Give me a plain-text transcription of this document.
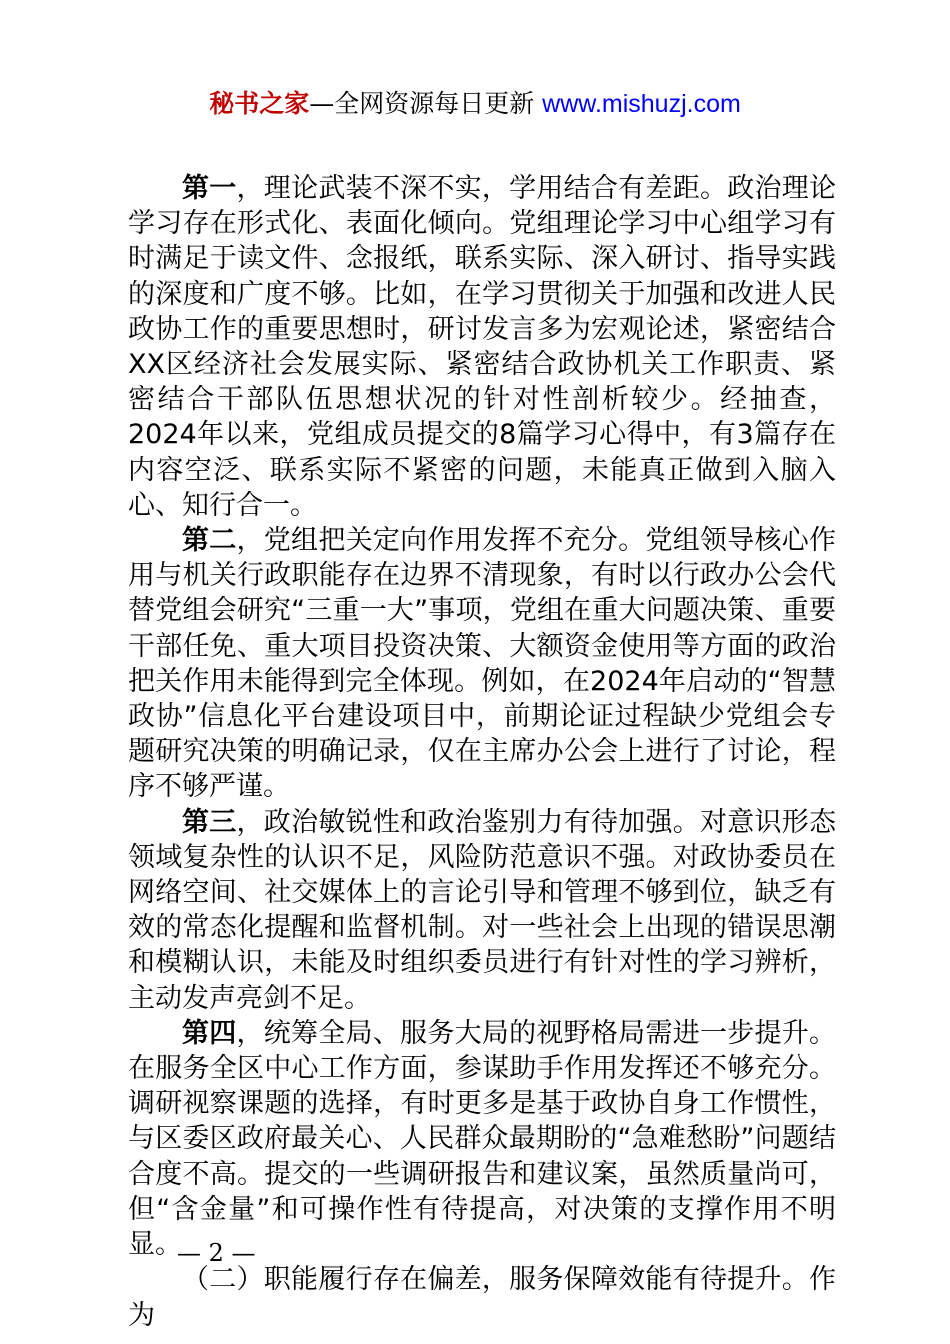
秘书之家—全网资源每日更新 www.mishuzj.com

第一，理论武装不深不实，学用结合有差距。政治理论学习存在形式化、表面化倾向。党组理论学习中心组学习有时满足于读文件、念报纸，联系实际、深入研讨、指导实践的深度和广度不够。比如，在学习贯彻关于加强和改进人民政协工作的重要思想时，研讨发言多为宏观论述，紧密结合XX区经济社会发展实际、紧密结合政协机关工作职责、紧密结合干部队伍思想状况的针对性剖析较少。经抽查，2024年以来，党组成员提交的8篇学习心得中，有3篇存在内容空泛、联系实际不紧密的问题，未能真正做到入脑入心、知行合一。

第二，党组把关定向作用发挥不充分。党组领导核心作用与机关行政职能存在边界不清现象，有时以行政办公会代替党组会研究“三重一大”事项，党组在重大问题决策、重要干部任免、重大项目投资决策、大额资金使用等方面的政治把关作用未能得到完全体现。例如，在2024年启动的“智慧政协”信息化平台建设项目中，前期论证过程缺少党组会专题研究决策的明确记录，仅在主席办公会上进行了讨论，程序不够严谨。

第三，政治敏锐性和政治鉴别力有待加强。对意识形态领域复杂性的认识不足，风险防范意识不强。对政协委员在网络空间、社交媒体上的言论引导和管理不够到位，缺乏有效的常态化提醒和监督机制。对一些社会上出现的错误思潮和模糊认识，未能及时组织委员进行有针对性的学习辨析，主动发声亮剑不足。

第四，统筹全局、服务大局的视野格局需进一步提升。在服务全区中心工作方面，参谋助手作用发挥还不够充分。调研视察课题的选择，有时更多是基于政协自身工作惯性，与区委区政府最关心、人民群众最期盼的“急难愁盼”问题结合度不高。提交的一些调研报告和建议案，虽然质量尚可，但“含金量”和可操作性有待提高，对决策的支撑作用不明显。

（二）职能履行存在偏差，服务保障效能有待提升。作为

— 2 —
